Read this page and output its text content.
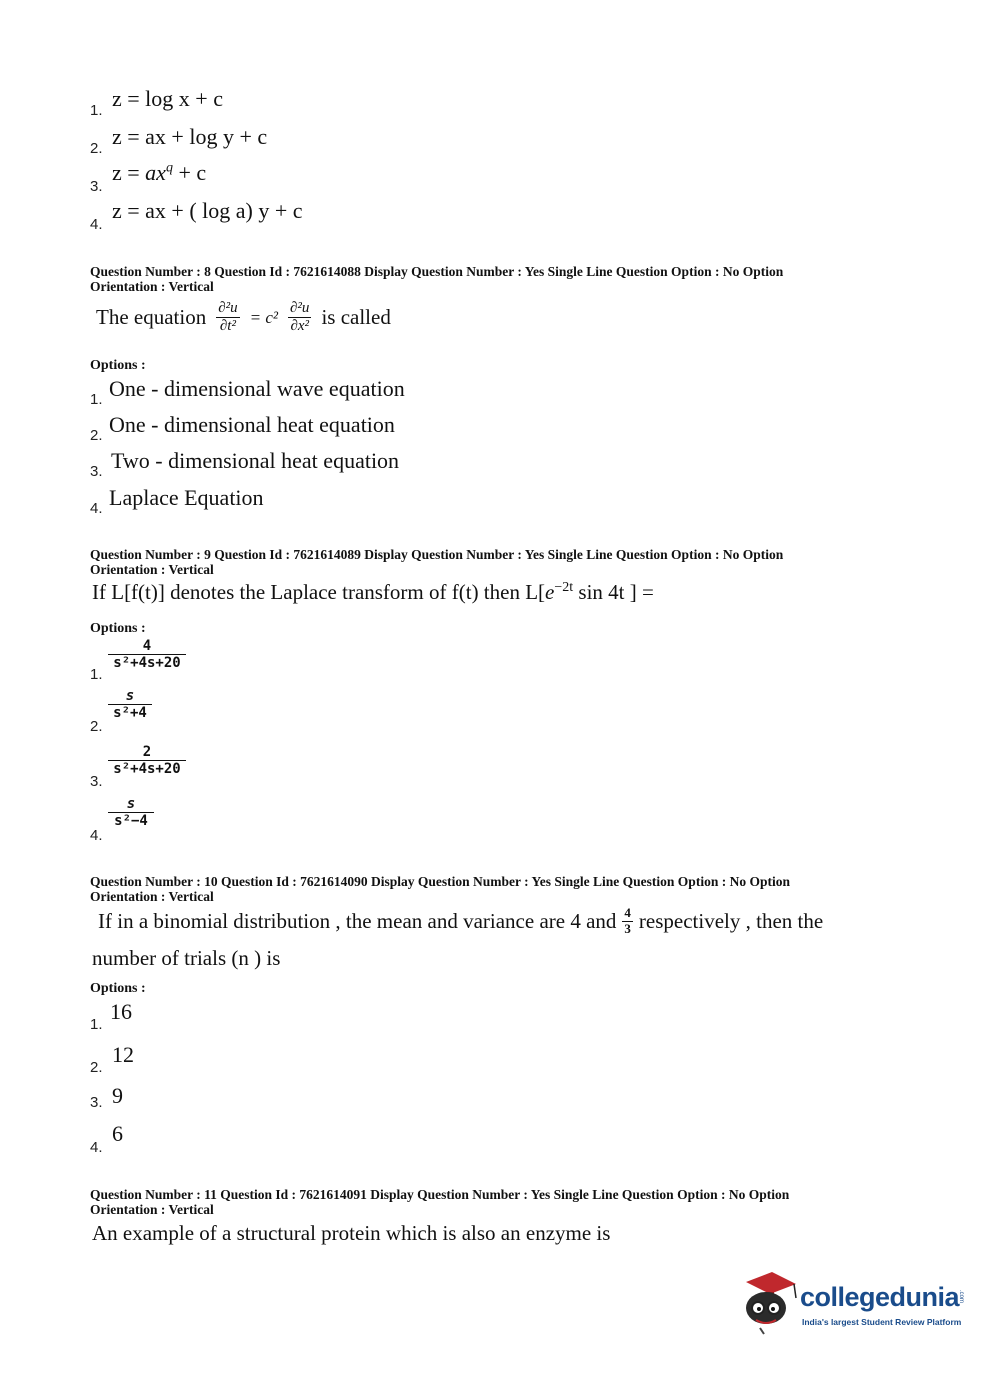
1. z = log x + c
2. z = ax + log y + c
3.
$z = ax^q + c$
4.
z = ax + ( log a) y + c
Question Number : 8 Question Id : 7621614088 Display Question Number : Yes Single Line Question Option : No Option
Orientation : Vertical
The equation $\frac{\text{∂²u}}{\text{∂t²}} = c^2 \frac{\text{∂²u}}{\text{∂x²}}$ is called
Options :
1. One - dimensional wave equation
2. One - dimensional heat equation
3. Two - dimensional heat equation
4. Laplace Equation
Question Number : 9 Question Id : 7621614089 Display Question Number : Yes Single Line Question Option : No Option
Orientation : Vertical
If L[f(t)] denotes the Laplace transform of f(t) then $L[e^{-2t}$ sin 4t ] =
Options :
1.
$\frac{4}{\text{s²+4s+20}}$
2.
$\frac{s}{\text{s²+4}}$
3.
$\frac{2}{\text{s²+4s+20}}$
4.
$\frac{s}{\text{s²−4}}$
Question Number : 10 Question Id : 7621614090 Display Question Number : Yes Single Line Question Option : No Option
Orientation : Vertical
If in a binomial distribution , the mean and variance are 4 and $\frac{4}{3}$ respectively , then the
number of trials (n ) is
Options :
1.
16
2.
12
3. 9
4.
6
Question Number : 11 Question Id : 7621614091 Display Question Number : Yes Single Line Question Option : No Option
Orientation : Vertical
An example of a structural protein which is also an enzyme is
collegedunia
.com
India's largest Student Review Platform
